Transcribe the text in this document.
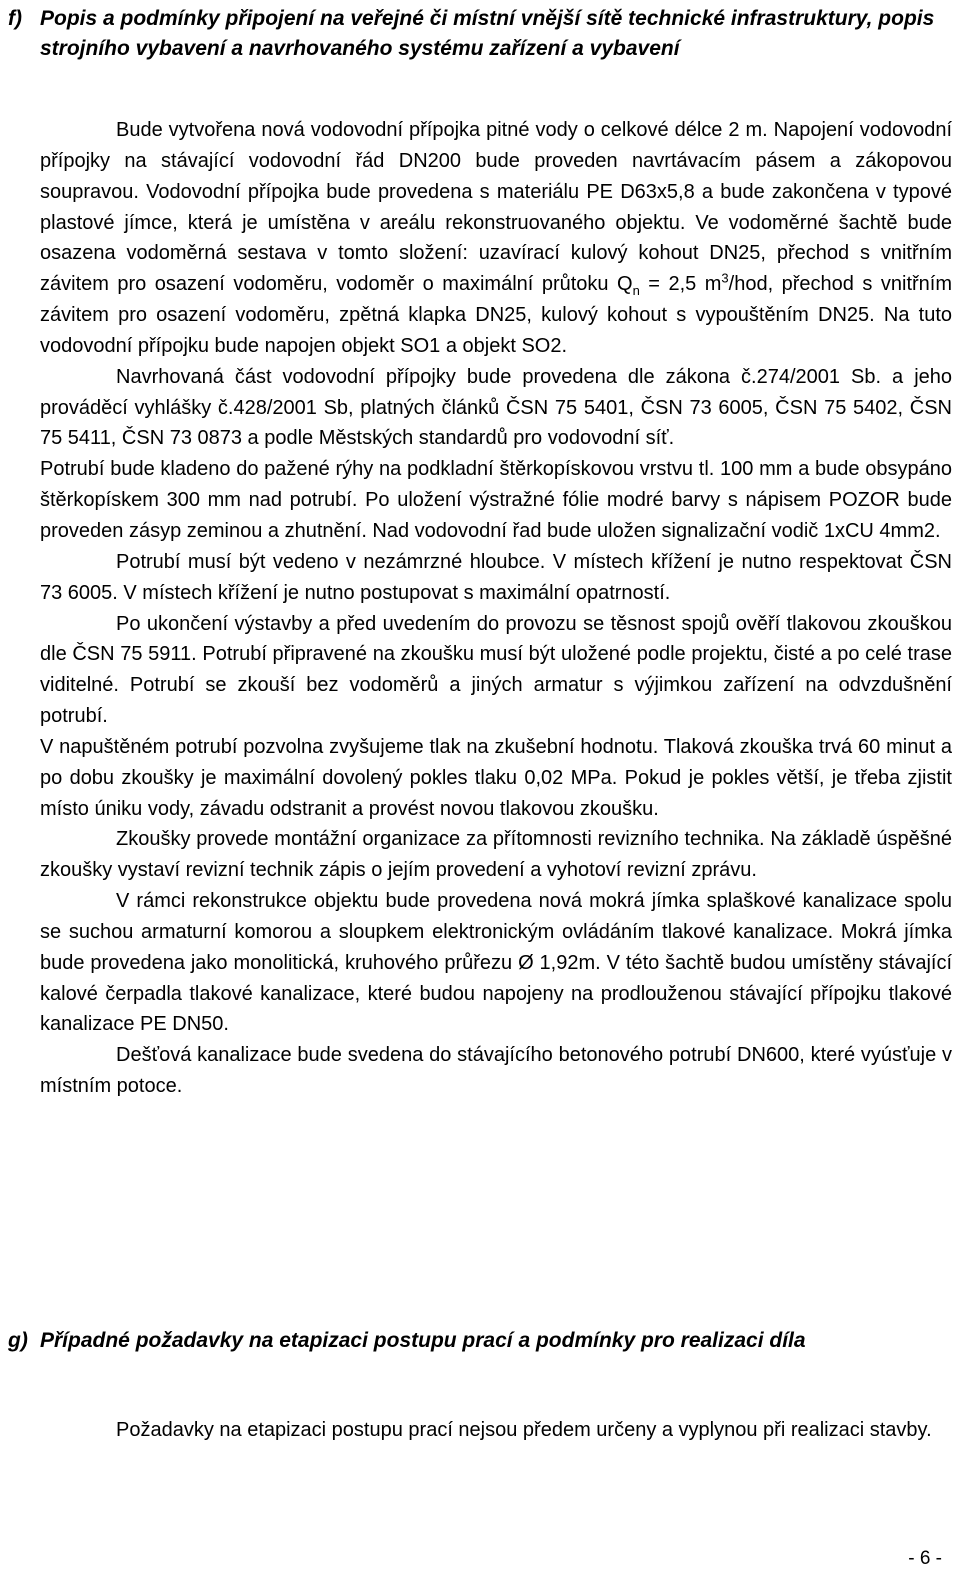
f) Popis a podmínky připojení na veřejné či místní vnější sítě technické infrastruktury, popis strojního vybavení a navrhovaného systému zařízení a vybavení

Bude vytvořena nová vodovodní přípojka pitné vody o celkové délce 2 m. Napojení vodovodní přípojky na stávající vodovodní řád DN200 bude proveden navrtávacím pásem a zákopovou soupravou. Vodovodní přípojka bude provedena s materiálu PE D63x5,8 a bude zakončena v typové plastové jímce, která je umístěna v areálu rekonstruovaného objektu. Ve vodoměrné šachtě bude osazena vodoměrná sestava v tomto složení: uzavírací kulový kohout DN25, přechod s vnitřním závitem pro osazení vodoměru, vodoměr o maximální průtoku $Q_n = 2,5$ $m^3$/hod, přechod s vnitřním závitem pro osazení vodoměru, zpětná klapka DN25, kulový kohout s vypouštěním DN25. Na tuto vodovodní přípojku bude napojen objekt SO1 a objekt SO2.

Navrhovaná část vodovodní přípojky bude provedena dle zákona č.274/2001 Sb. a jeho prováděcí vyhlášky č.428/2001 Sb, platných článků ČSN 75 5401, ČSN 73 6005, ČSN 75 5402, ČSN 75 5411, ČSN 73 0873 a podle Městských standardů pro vodovodní síť.

Potrubí bude kladeno do pažené rýhy na podkladní štěrkopískovou vrstvu tl. 100 mm a bude obsypáno štěrkopískem 300 mm nad potrubí. Po uložení výstražné fólie modré barvy s nápisem POZOR bude proveden zásyp zeminou a zhutnění. Nad vodovodní řad bude uložen signalizační vodič 1xCU 4mm2.

Potrubí musí být vedeno v nezámrzné hloubce. V místech křížení je nutno respektovat ČSN 73 6005. V místech křížení je nutno postupovat s maximální opatrností.

Po ukončení výstavby a před uvedením do provozu se těsnost spojů ověří tlakovou zkouškou dle ČSN 75 5911. Potrubí připravené na zkoušku musí být uložené podle projektu, čisté a po celé trase viditelné. Potrubí se zkouší bez vodoměrů a jiných armatur s výjimkou zařízení na odvzdušnění potrubí.

V napuštěném potrubí pozvolna zvyšujeme tlak na zkušební hodnotu. Tlaková zkouška trvá 60 minut a po dobu zkoušky je maximální dovolený pokles tlaku 0,02 MPa. Pokud je pokles větší, je třeba zjistit místo úniku vody, závadu odstranit a provést novou tlakovou zkoušku.

Zkoušky provede montážní organizace za přítomnosti revizního technika. Na základě úspěšné zkoušky vystaví revizní technik zápis o jejím provedení a vyhotoví revizní zprávu.

V rámci rekonstrukce objektu bude provedena nová mokrá jímka splaškové kanalizace spolu se suchou armaturní komorou a sloupkem elektronickým ovládáním tlakové kanalizace. Mokrá jímka bude provedena jako monolitická, kruhového průřezu Ø 1,92m. V této šachtě budou umístěny stávající kalové čerpadla tlakové kanalizace, které budou napojeny na prodlouženou stávající přípojku tlakové kanalizace PE DN50.

Dešťová kanalizace bude svedena do stávajícího betonového potrubí DN600, které vyúsťuje v místním potoce.

g) Případné požadavky na etapizaci postupu prací a podmínky pro realizaci díla

Požadavky na etapizaci postupu prací nejsou předem určeny a vyplynou při realizaci stavby.

- 6 -
